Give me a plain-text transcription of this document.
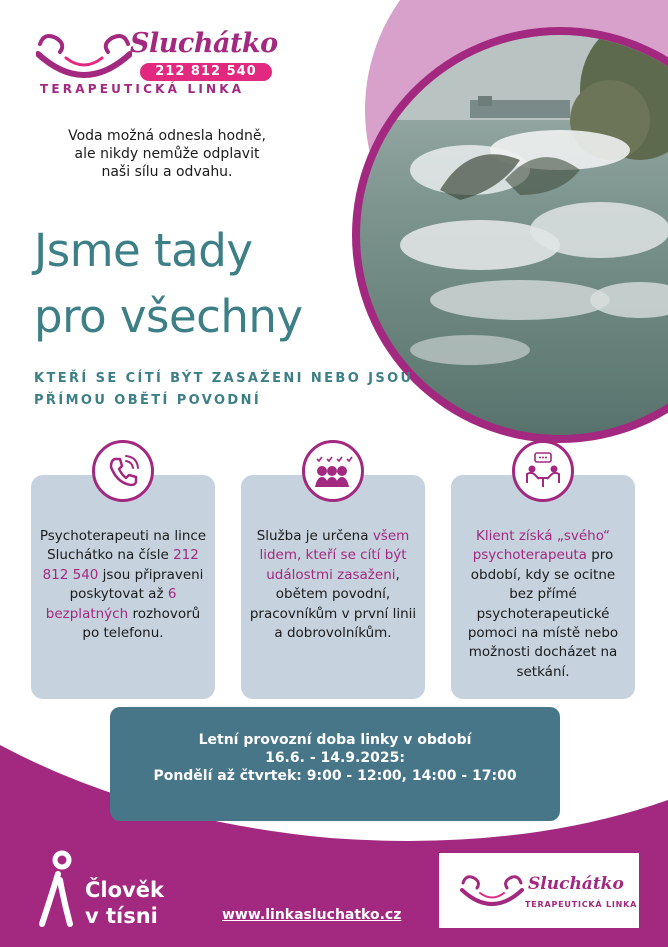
Sluchátko
212 812 540
TERAPEUTICKÁ LINKA
Voda možná odnesla hodně, ale nikdy nemůže odplavit naši sílu a odvahu.
Jsme tady
pro všechny
KTEŘÍ SE CÍTÍ BÝT ZASAŽENI NEBO JSOU
PŘÍMOU OBĚTÍ POVODNÍ
Psychoterapeuti na lince Sluchátko na čísle 212 812 540 jsou připraveni poskytovat až 6 bezplatných rozhovorů po telefonu.
Služba je určena všem lidem, kteří se cítí být událostmi zasaženi, obětem povodní, pracovníkům v první linii a dobrovolníkům.
Klient získá „svého“ psychoterapeuta pro období, kdy se ocitne bez přímé psychoterapeutické pomoci na místě nebo možnosti docházet na setkání.
Letní provozní doba linky v období
16.6. - 14.9.2025:
Pondělí až čtvrtek: 9:00 - 12:00, 14:00 - 17:00
Člověk
v tísni	www.linkasluchatko.cz
Sluchátko
TERAPEUTICKÁ LINKA
